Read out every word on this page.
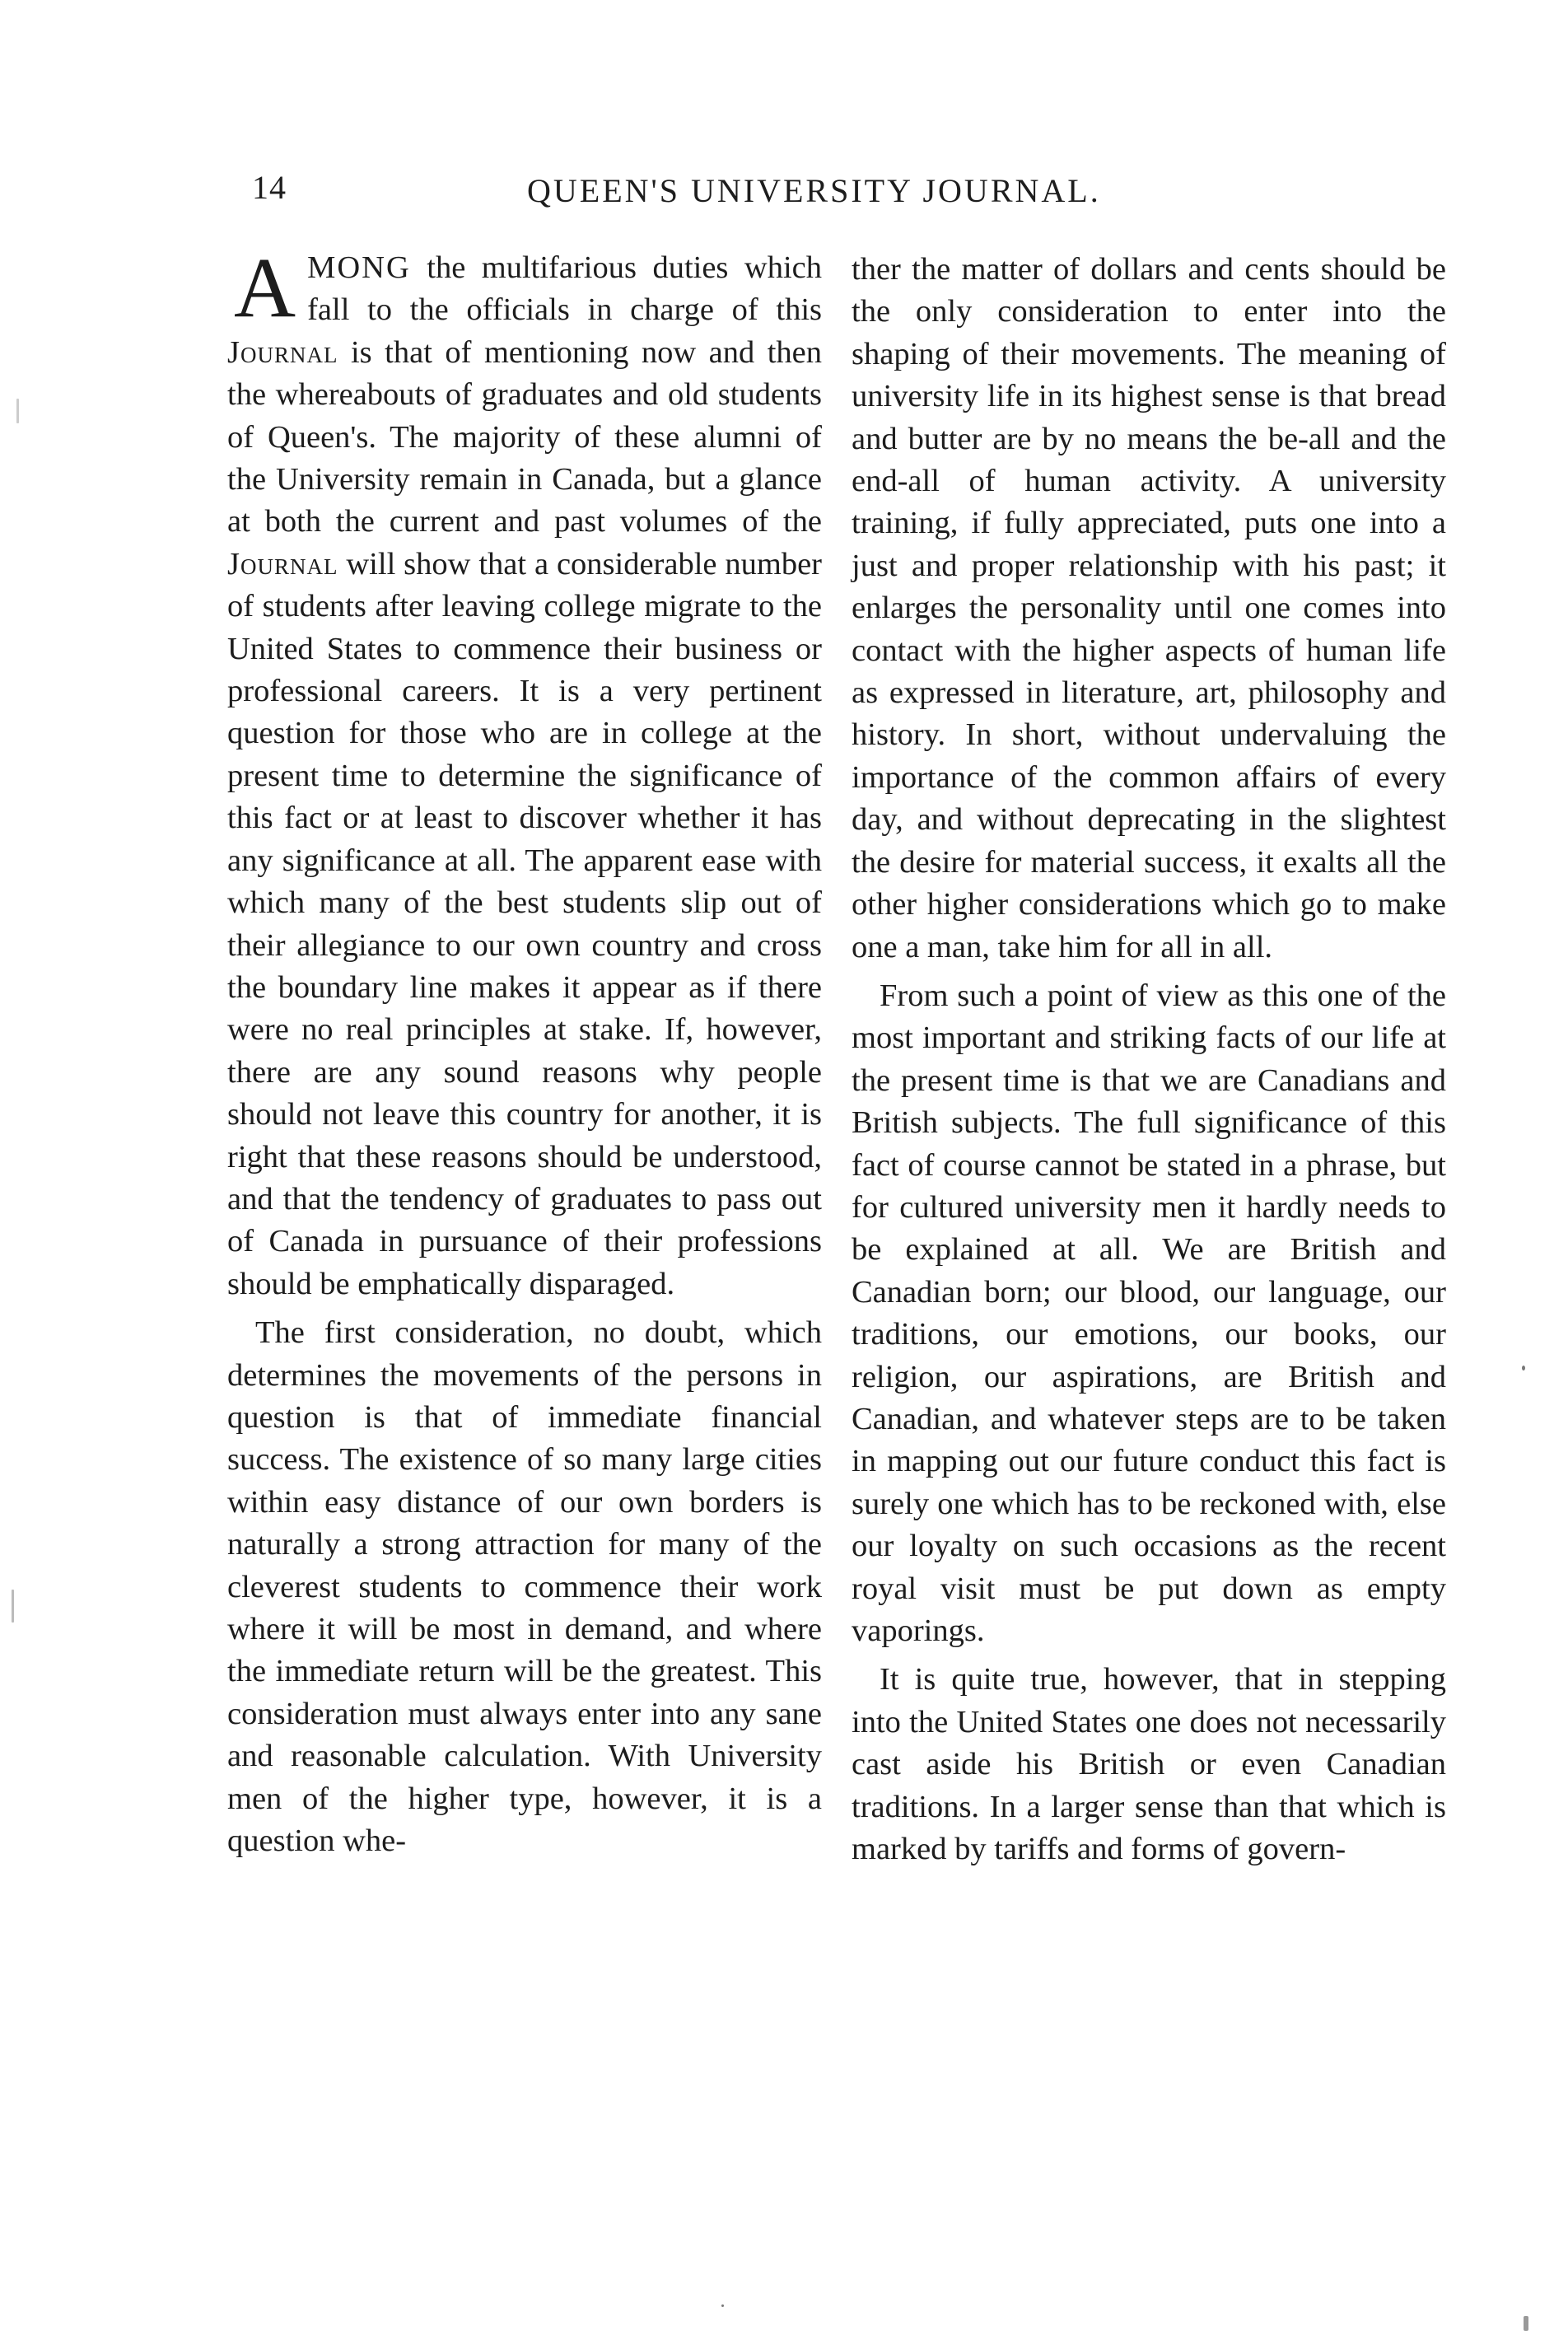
14	QUEEN'S UNIVERSITY JOURNAL.

AMONG the multifarious duties which fall to the officials in charge of this Journal is that of mentioning now and then the whereabouts of graduates and old students of Queen's. The majority of these alumni of the University remain in Canada, but a glance at both the current and past volumes of the Journal will show that a considerable number of students after leaving college migrate to the United States to commence their business or professional careers. It is a very pertinent question for those who are in college at the present time to determine the significance of this fact or at least to discover whether it has any significance at all. The apparent ease with which many of the best students slip out of their allegiance to our own country and cross the boundary line makes it appear as if there were no real principles at stake. If, however, there are any sound reasons why people should not leave this country for another, it is right that these reasons should be understood, and that the tendency of graduates to pass out of Canada in pursuance of their professions should be emphatically disparaged.

The first consideration, no doubt, which determines the movements of the persons in question is that of immediate financial success. The existence of so many large cities within easy distance of our own borders is naturally a strong attraction for many of the cleverest students to commence their work where it will be most in demand, and where the immediate return will be the greatest. This consideration must always enter into any sane and reasonable calculation. With University men of the higher type, however, it is a question whe-

ther the matter of dollars and cents should be the only consideration to enter into the shaping of their movements. The meaning of university life in its highest sense is that bread and butter are by no means the be-all and the end-all of human activity. A university training, if fully appreciated, puts one into a just and proper relationship with his past; it enlarges the personality until one comes into contact with the higher aspects of human life as expressed in literature, art, philosophy and history. In short, without undervaluing the importance of the common affairs of every day, and without deprecating in the slightest the desire for material success, it exalts all the other higher considerations which go to make one a man, take him for all in all.

From such a point of view as this one of the most important and striking facts of our life at the present time is that we are Canadians and British subjects. The full significance of this fact of course cannot be stated in a phrase, but for cultured university men it hardly needs to be explained at all. We are British and Canadian born; our blood, our language, our traditions, our emotions, our books, our religion, our aspirations, are British and Canadian, and whatever steps are to be taken in mapping out our future conduct this fact is surely one which has to be reckoned with, else our loyalty on such occasions as the recent royal visit must be put down as empty vaporings.

It is quite true, however, that in stepping into the United States one does not necessarily cast aside his British or even Canadian traditions. In a larger sense than that which is marked by tariffs and forms of govern-
